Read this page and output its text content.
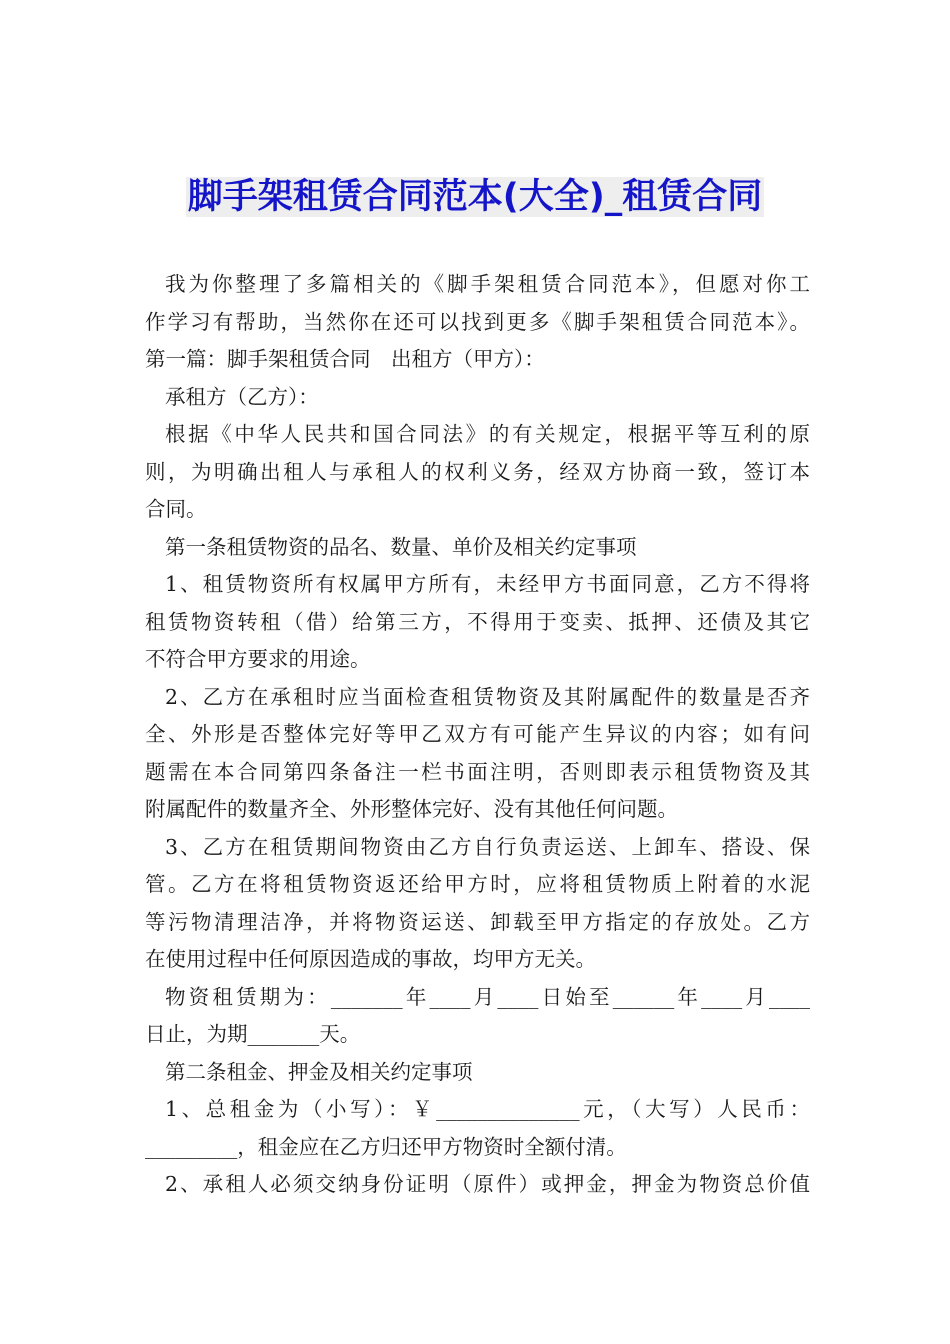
脚手架租赁合同范本(大全)_租赁合同
我为你整理了多篇相关的《脚手架租赁合同范本》，但愿对你工
作学习有帮助，当然你在还可以找到更多《脚手架租赁合同范本》。
第一篇：脚手架租赁合同　出租方（甲方）：
承租方（乙方）：
根据《中华人民共和国合同法》的有关规定，根据平等互利的原
则，为明确出租人与承租人的权利义务，经双方协商一致，签订本
合同。
第一条租赁物资的品名、数量、单价及相关约定事项
1、租赁物资所有权属甲方所有，未经甲方书面同意，乙方不得将
租赁物资转租（借）给第三方，不得用于变卖、抵押、还债及其它
不符合甲方要求的用途。
2、乙方在承租时应当面检查租赁物资及其附属配件的数量是否齐
全、外形是否整体完好等甲乙双方有可能产生异议的内容；如有问
题需在本合同第四条备注一栏书面注明，否则即表示租赁物资及其
附属配件的数量齐全、外形整体完好、没有其他任何问题。
3、乙方在租赁期间物资由乙方自行负责运送、上卸车、搭设、保
管。乙方在将租赁物资返还给甲方时，应将租赁物质上附着的水泥
等污物清理洁净，并将物资运送、卸载至甲方指定的存放处。乙方
在使用过程中任何原因造成的事故，均甲方无关。
物资租赁期为：_______年____月____日始至______年____月____
日止，为期_______天。
第二条租金、押金及相关约定事项
1、总租金为（小写）：￥______________元，（大写）人民币：
_________，租金应在乙方归还甲方物资时全额付清。
2、承租人必须交纳身份证明（原件）或押金，押金为物资总价值
